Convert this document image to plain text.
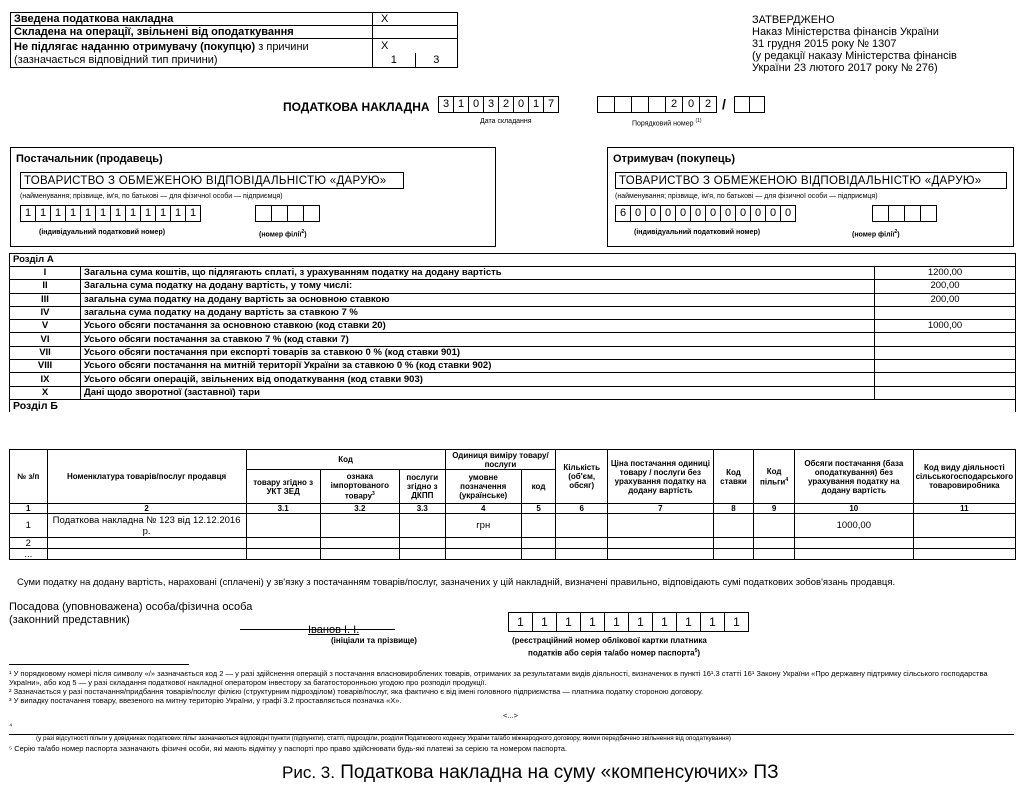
Зведена податкова накладна	X	
Складена на операції, звільнені від оподаткування		
Не підлягає наданню отримувачу (покупцю) з причини
(зазначається відповідний тип причини)	X	
	1	3
ЗАТВЕРДЖЕНО
Наказ Міністерства фінансів України
31 грудня 2015 року № 1307
(у редакції наказу Міністерства фінансів
України 23 лютого 2017 року № 276)
ПОДАТКОВА НАКЛАДНА	3 1 0 3 2 0 1 7
Дата складання
2 0 2 /
Порядковий номер $^{(1)}$
Постачальник (продавець)
ТОВАРИСТВО З ОБМЕЖЕНОЮ ВІДПОВІДАЛЬНІСТЮ «ДАРУЮ»
(найменування; прізвище, ім'я, по батькові — для фізичної особи — підприємця)
1 1 1 1 1 1 1 1 1 1 1 1
(індивідуальний податковий номер)	(номер філії$^2$)
Отримувач (покупець)
ТОВАРИСТВО З ОБМЕЖЕНОЮ ВІДПОВІДАЛЬНІСТЮ «ДАРУЮ»
(найменування; прізвище, ім'я, по батькові — для фізичної особи — підприємця)
6 0 0 0 0 0 0 0 0 0 0 0
(індивідуальний податковий номер)	(номер філії$^2$)
Розділ А		
I	Загальна сума коштів, що підлягають сплаті, з урахуванням податку на додану вартість	1200,00
II	Загальна сума податку на додану вартість, у тому числі:	200,00
III	загальна сума податку на додану вартість за основною ставкою	200,00
IV	загальна сума податку на додану вартість за ставкою 7 %	
V	Усього обсяги постачання за основною ставкою (код ставки 20)	1000,00
VI	Усього обсяги постачання за ставкою 7 % (код ставки 7)	
VII	Усього обсяги постачання при експорті товарів за ставкою 0 % (код ставки 901)	
VIII	Усього обсяги постачання на митній території України за ставкою 0 % (код ставки 902)	
IX	Усього обсяги операцій, звільнених від оподаткування (код ставки 903)	
X	Дані щодо зворотної (заставної) тари	
Розділ Б		
№ з/п	Номенклатура товарів/послуг продавця	Код			Одиниця виміру товару/послуги		Кількість (об'єм, обсяг)	Ціна постачання одиниці товару / послуги без урахування податку на додану вартість	Код ставки	Код пільги$^4$	Обсяги постачання (база оподаткування) без урахування податку на додану вартість	Код виду діяльності сільськогосподарського товаровиробника
		товару згідно з УКТ ЗЕД	ознака імпортованого товару$^3$	послуги згідно з ДКПП	умовне позначення (українське)	код						

1	2	3.1	3.2	3.3	4	5	6	7	8	9	10	11
1	Податкова накладна № 123 від 12.12.2016 р.				грн						1000,00	
2												
...												
Суми податку на додану вартість, нараховані (сплачені) у зв'язку з постачанням товарів/послуг, зазначених у цій накладній, визначені правильно, відповідають сумі податкових зобов'язань продавця.
Посадова (уповноважена) особа/фізична особа
(законний представник)
Іванов І. І.
(ініціали та прізвище)
1	1	1	1	1	1	1	1	1	1
(реєстраційний номер облікової картки платника
податків або серія та/або номер паспорта$^5$)
¹ У порядковому номері після символу «/» зазначається код 2 — у разі здійснення операцій з постачання власновироблених товарів, отриманих за результатами видів діяльності, визначених в пункті 16¹.3 статті 16¹ Закону України «Про державну підтримку сільського господарства України», або код 5 — у разі складання податкової накладної оператором інвестору за багатосторонньою угодою про розподіл продукції.
² Зазначається у разі постачання/придбання товарів/послуг філією (структурним підрозділом) товарів/послуг, яка фактично є від імені головного підприємства — платника податку стороною договору.
³ У випадку постачання товару, ввезеного на митну територію України, у графі 3.2 проставляється позначка «Х».
<...>
⁴
(у разі відсутності пільги у довідниках податкових пільг зазначаються відповідні пункти (підпункти), статті, підрозділи, розділи Податкового кодексу України та/або міжнародного договору, якими передбачено звільнення від оподаткування)
⁵ Серію та/або номер паспорта зазначають фізичні особи, які мають відмітку у паспорті про право здійснювати будь-які платежі за серією та номером паспорта.
Рис. 3. Податкова накладна на суму «компенсуючих» ПЗ
